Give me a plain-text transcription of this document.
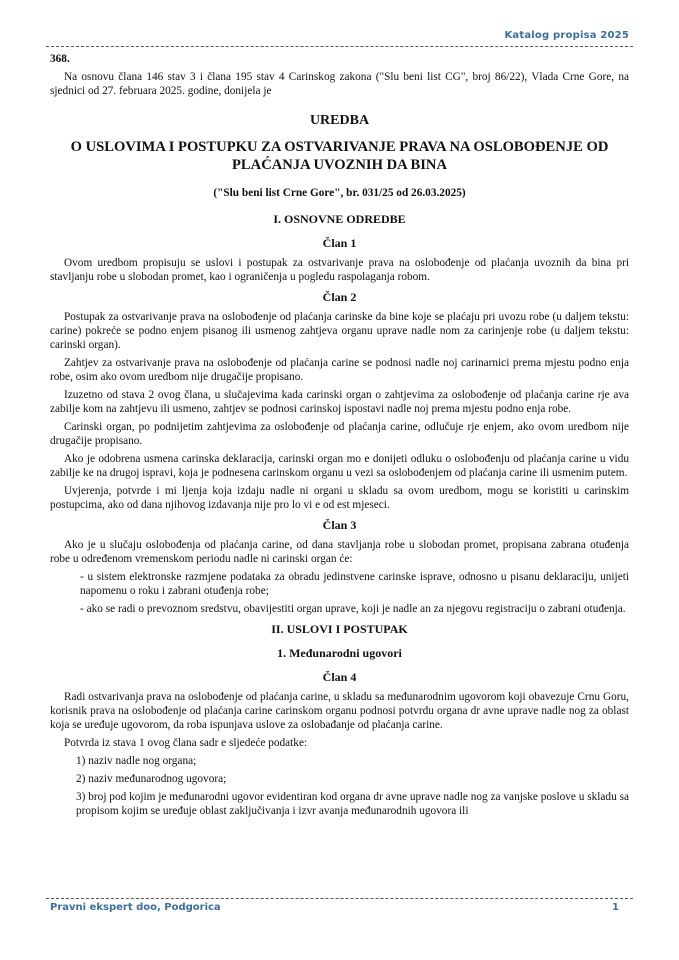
Katalog propisa 2025

368.

Na osnovu člana 146 stav 3 i člana 195 stav 4 Carinskog zakona ("Slu beni list CG", broj 86/22), Vlada Crne Gore, na sjednici od 27. februara 2025. godine, donijela je

UREDBA
O USLOVIMA I POSTUPKU ZA OSTVARIVANJE PRAVA NA OSLOBOĐENJE OD PLAĆANJA UVOZNIH DA BINA
("Slu beni list Crne Gore", br. 031/25 od 26.03.2025)
I. OSNOVNE ODREDBE
Član 1

Ovom uredbom propisuju se uslovi i postupak za ostvarivanje prava na oslobođenje od plaćanja uvoznih da bina pri stavljanju robe u slobodan promet, kao i ograničenja u pogledu raspolaganja robom.

Član 2

Postupak za ostvarivanje prava na oslobođenje od plaćanja carinske da bine koje se plaćaju pri uvozu robe (u daljem tekstu: carine) pokreće se podno enjem pisanog ili usmenog zahtjeva organu uprave nadle nom za carinjenje robe (u daljem tekstu: carinski organ).

Zahtjev za ostvarivanje prava na oslobođenje od plaćanja carine se podnosi nadle noj carinarnici prema mjestu podno enja robe, osim ako ovom uredbom nije drugačije propisano.

Izuzetno od stava 2 ovog člana, u slučajevima kada carinski organ o zahtjevima za oslobođenje od plaćanja carine rje ava zabilje kom na zahtjevu ili usmeno, zahtjev se podnosi carinskoj ispostavi nadle noj prema mjestu podno enja robe.

Carinski organ, po podnijetim zahtjevima za oslobođenje od plaćanja carine, odlučuje rje enjem, ako ovom uredbom nije drugačije propisano.

Ako je odobrena usmena carinska deklaracija, carinski organ mo e donijeti odluku o oslobođenju od plaćanja carine u vidu zabilje ke na drugoj ispravi, koja je podnesena carinskom organu u vezi sa oslobođenjem od plaćanja carine ili usmenim putem.

Uvjerenja, potvrde i mi ljenja koja izdaju nadle ni organi u skladu sa ovom uredbom, mogu se koristiti u carinskim postupcima, ako od dana njihovog izdavanja nije pro lo vi e od est mjeseci.

Član 3

Ako je u slučaju oslobođenja od plaćanja carine, od dana stavljanja robe u slobodan promet, propisana zabrana otuđenja robe u određenom vremenskom periodu nadle ni carinski organ će:

- u sistem elektronske razmjene podataka za obradu jedinstvene carinske isprave, odnosno u pisanu deklaraciju, unijeti napomenu o roku i zabrani otuđenja robe;

- ako se radi o prevoznom sredstvu, obavijestiti organ uprave, koji je nadle an za njegovu registraciju o zabrani otuđenja.

II. USLOVI I POSTUPAK
1. Međunarodni ugovori
Član 4

Radi ostvarivanja prava na oslobođenje od plaćanja carine, u skladu sa međunarodnim ugovorom koji obavezuje Crnu Goru, korisnik prava na oslobođenje od plaćanja carine carinskom organu podnosi potvrdu organa dr avne uprave nadle nog za oblast koja se uređuje ugovorom, da roba ispunjava uslove za oslobađanje od plaćanja carine.

Potvrda iz stava 1 ovog člana sadr e sljedeće podatke:

1) naziv nadle nog organa;

2) naziv međunarodnog ugovora;

3) broj pod kojim je međunarodni ugovor evidentiran kod organa dr avne uprave nadle nog za vanjske poslove u skladu sa propisom kojim se uređuje oblast zaključivanja i izvr avanja međunarodnih ugovora ili

Pravni ekspert doo, Podgorica	1
